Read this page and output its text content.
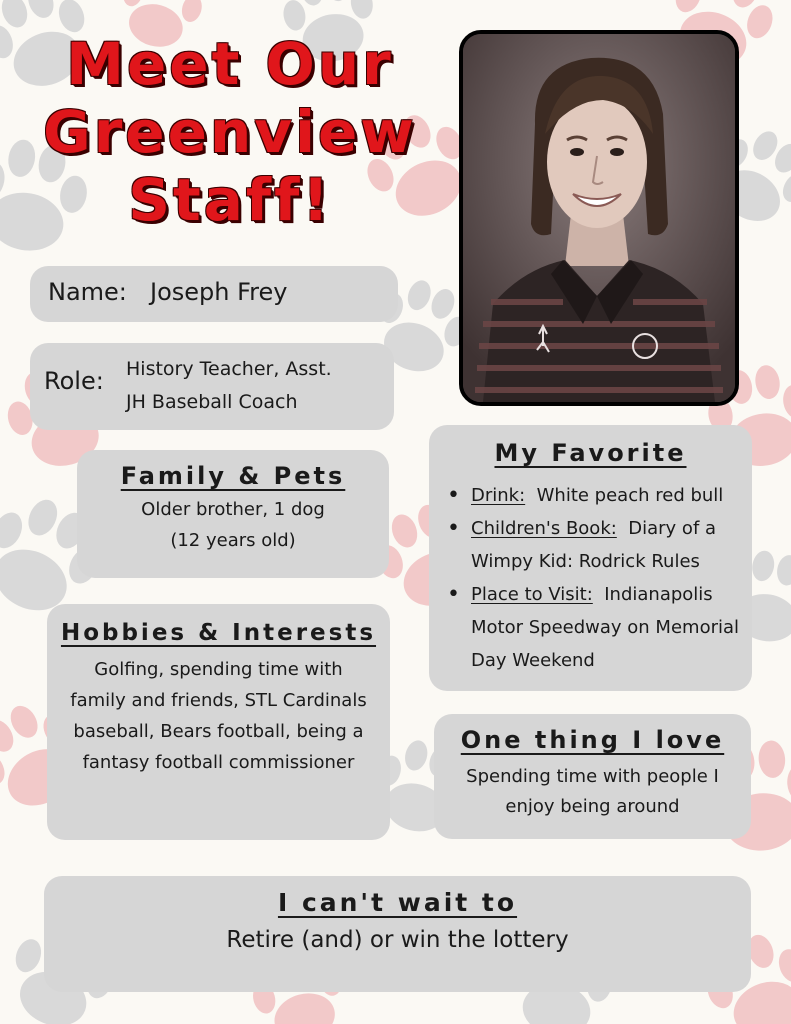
Meet Our
Greenview
Staff!
Name: Joseph Frey
Role: History Teacher, Asst.
JH Baseball Coach
Family & Pets
Older brother, 1 dog
(12 years old)
Hobbies & Interests
Golfing, spending time with family and friends, STL Cardinals baseball, Bears football, being a fantasy football commissioner
My Favorite
• Drink: White peach red bull
• Children's Book: Diary of a Wimpy Kid: Rodrick Rules
• Place to Visit: Indianapolis Motor Speedway on Memorial Day Weekend
One thing I love
Spending time with people I enjoy being around
I can't wait to
Retire (and) or win the lottery
